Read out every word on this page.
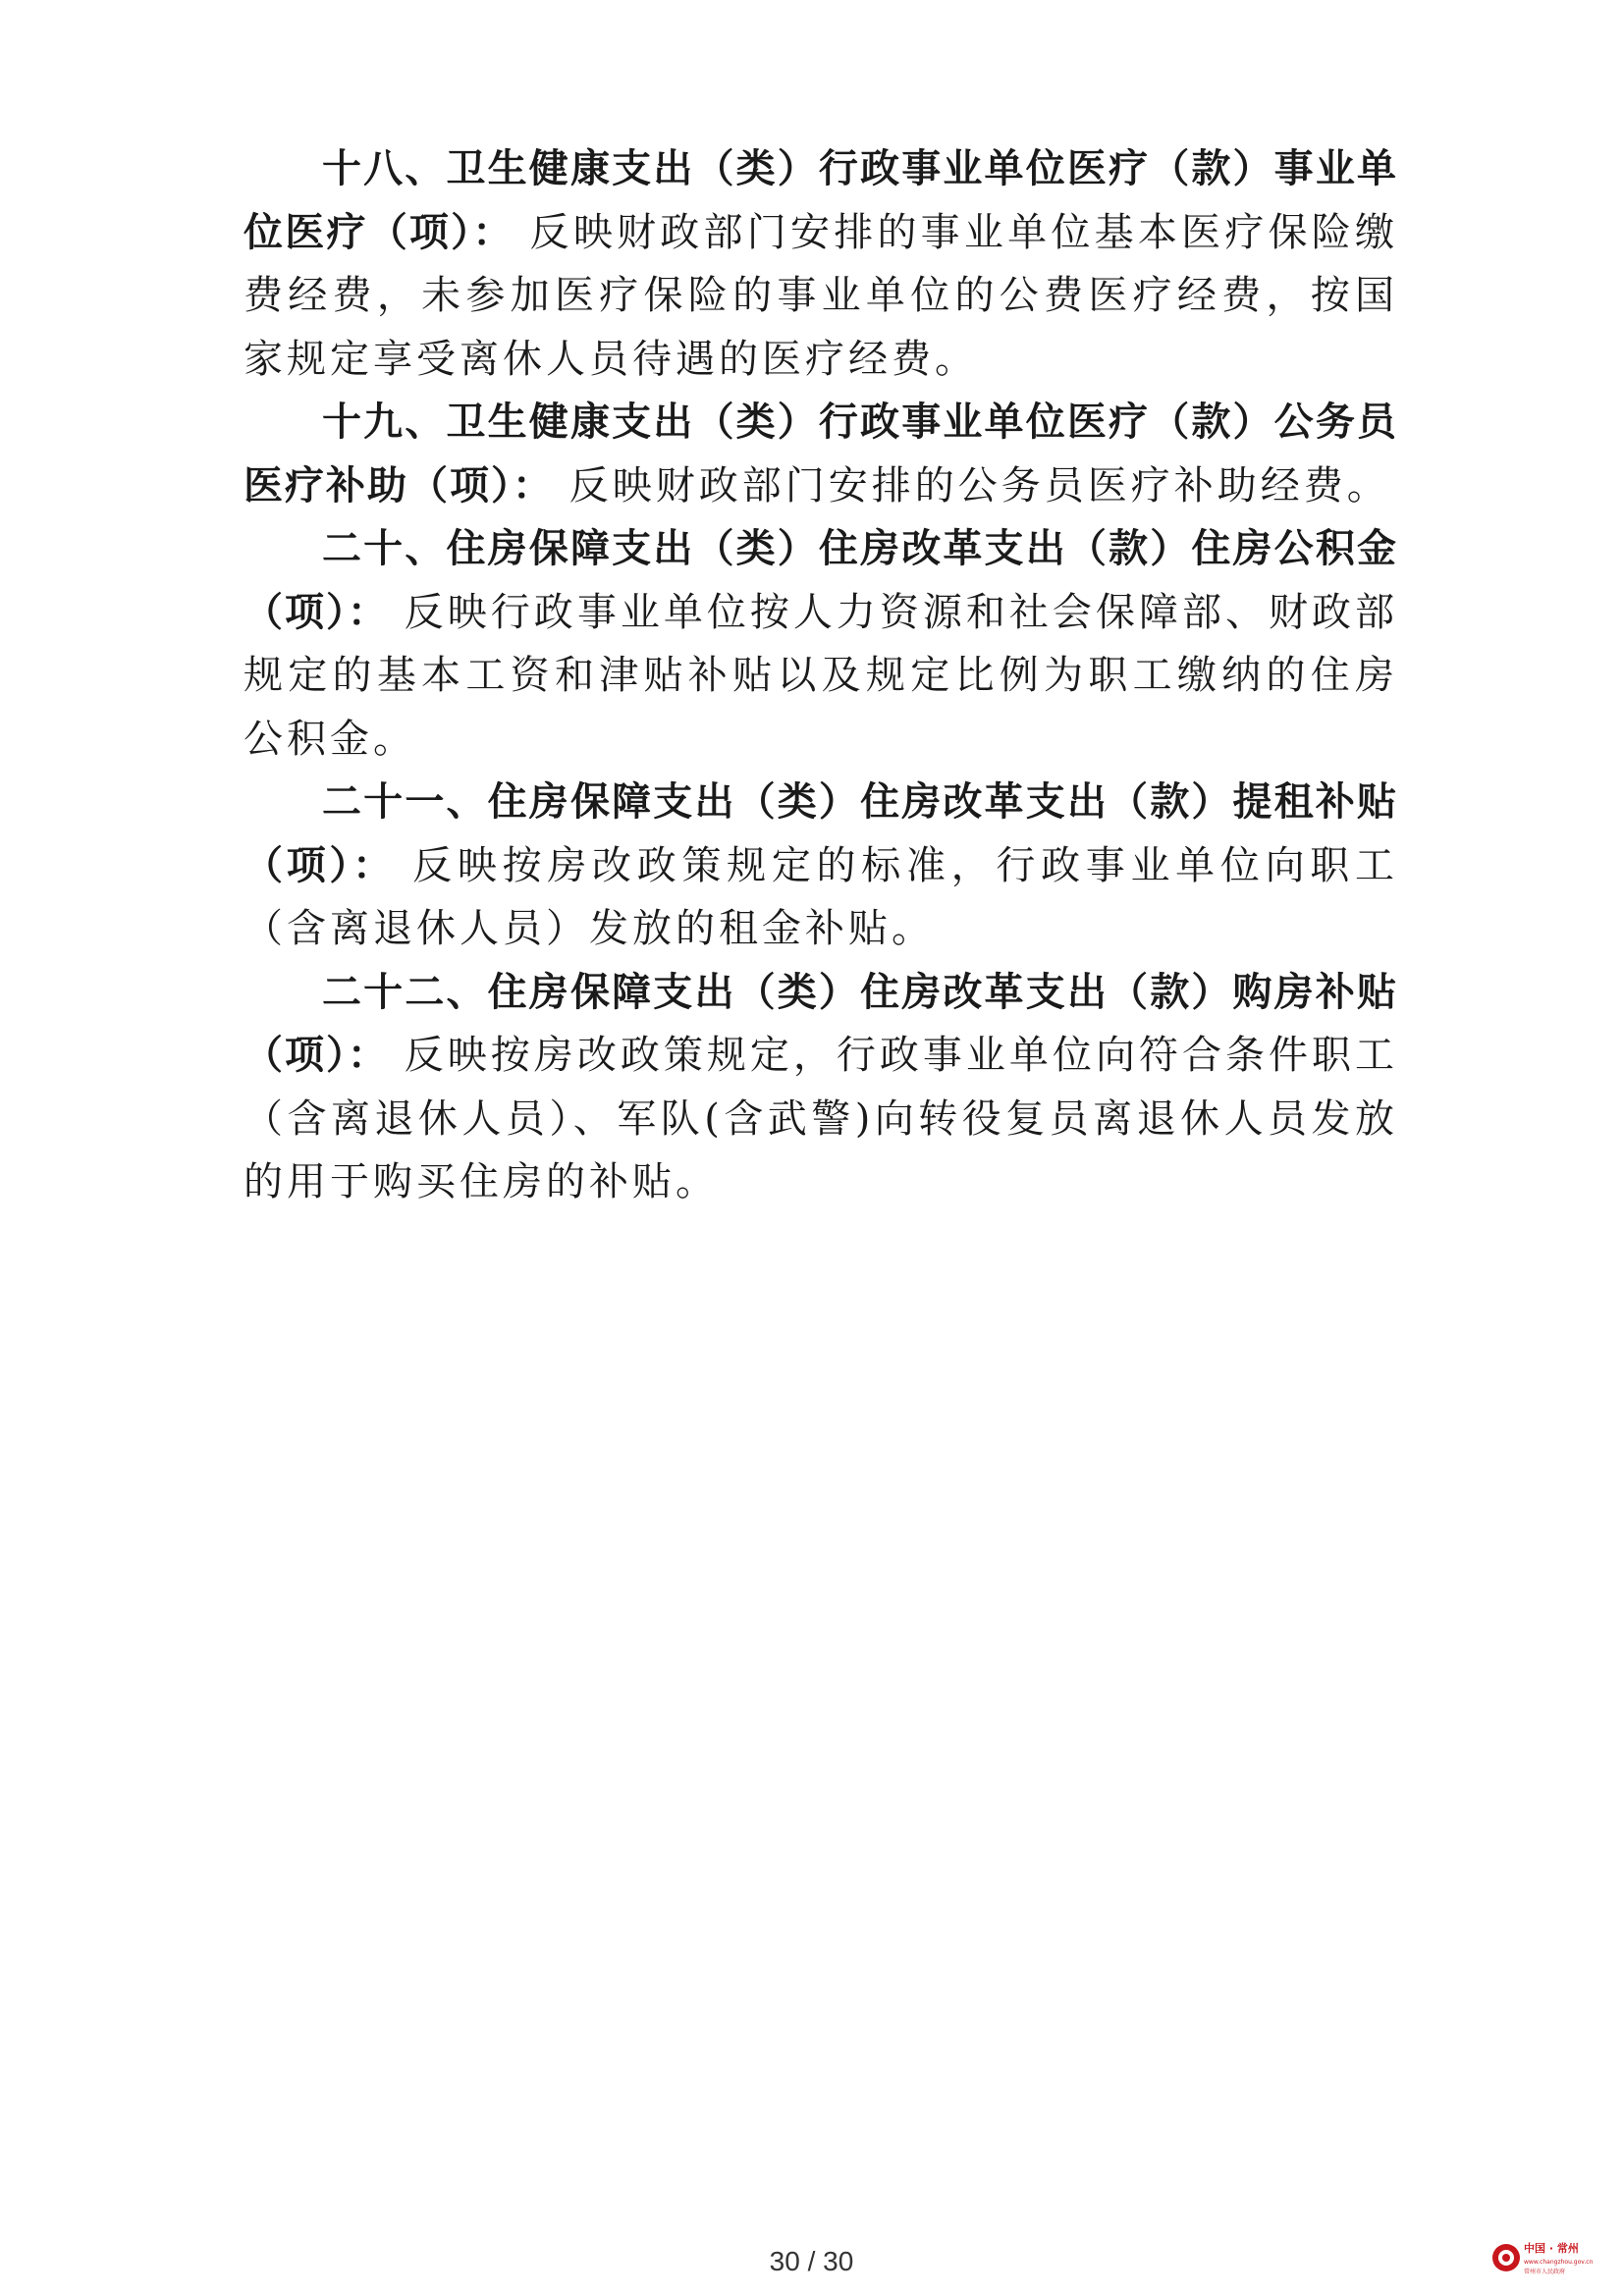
十八、卫生健康支出（类）行政事业单位医疗（款）事业单位医疗（项）： 反映财政部门安排的事业单位基本医疗保险缴费经费，未参加医疗保险的事业单位的公费医疗经费，按国家规定享受离休人员待遇的医疗经费。

十九、卫生健康支出（类）行政事业单位医疗（款）公务员医疗补助（项）： 反映财政部门安排的公务员医疗补助经费。

二十、住房保障支出（类）住房改革支出（款）住房公积金（项）： 反映行政事业单位按人力资源和社会保障部、财政部规定的基本工资和津贴补贴以及规定比例为职工缴纳的住房公积金。

二十一、住房保障支出（类）住房改革支出（款）提租补贴（项）： 反映按房改政策规定的标准，行政事业单位向职工（含离退休人员）发放的租金补贴。

二十二、住房保障支出（类）住房改革支出（款）购房补贴（项）： 反映按房改政策规定，行政事业单位向符合条件职工（含离退休人员）、军队(含武警)向转役复员离退休人员发放的用于购买住房的补贴。

30 / 30	中国 · 常州
www.changzhou.gov.cn
常州市人民政府
